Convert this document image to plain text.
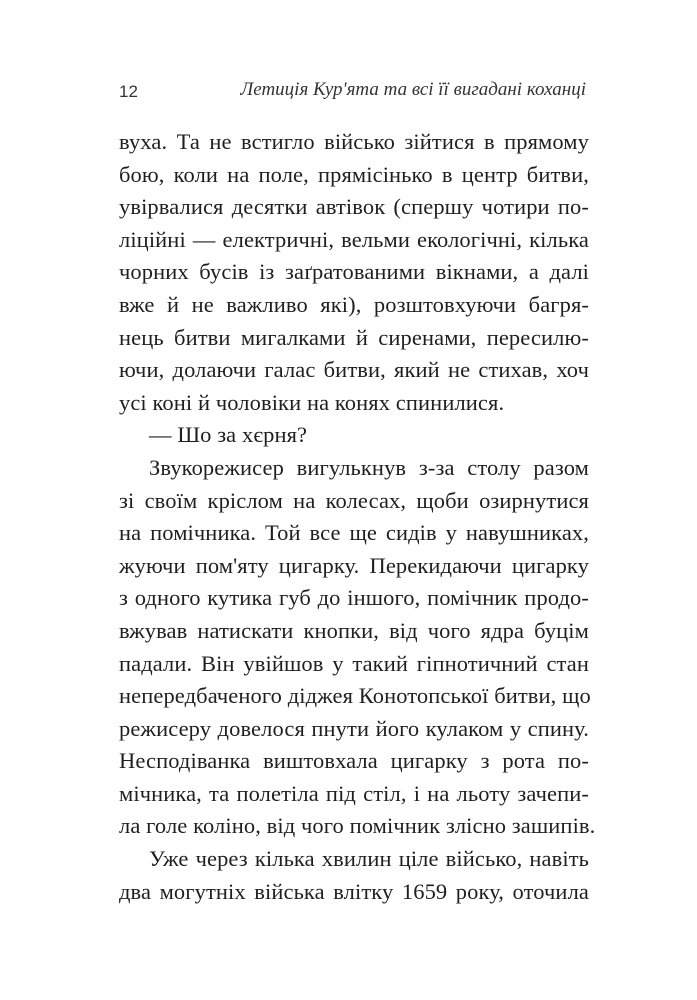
12	Летиція Кур'ята та всі її вигадані коханці
вуха. Та не встигло військо зійтися в прямому
бою, коли на поле, прямісінько в центр битви,
увірвалися десятки автівок (спершу чотири по-
ліційні — електричні, вельми екологічні, кілька
чорних бусів із заґратованими вікнами, а далі
вже й не важливо які), розштовхуючи багря-
нець битви мигалками й сиренами, пересилю-
ючи, долаючи галас битви, який не стихав, хоч
усі коні й чоловіки на конях спинилися.
— Шо за хєрня?
Звукорежисер вигулькнув з-за столу разом
зі своїм кріслом на колесах, щоби озирнутися
на помічника. Той все ще сидів у навушниках,
жуючи пом'яту цигарку. Перекидаючи цигарку
з одного кутика губ до іншого, помічник продо-
вжував натискати кнопки, від чого ядра буцім
падали. Він увійшов у такий гіпнотичний стан
непередбаченого діджея Конотопської битви, що
режисеру довелося пнути його кулаком у спину.
Несподіванка виштовхала цигарку з рота по-
мічника, та полетіла під стіл, і на льоту зачепи-
ла голе коліно, від чого помічник злісно зашипів.
Уже через кілька хвилин ціле військо, навіть
два могутніх війська влітку 1659 року, оточила
